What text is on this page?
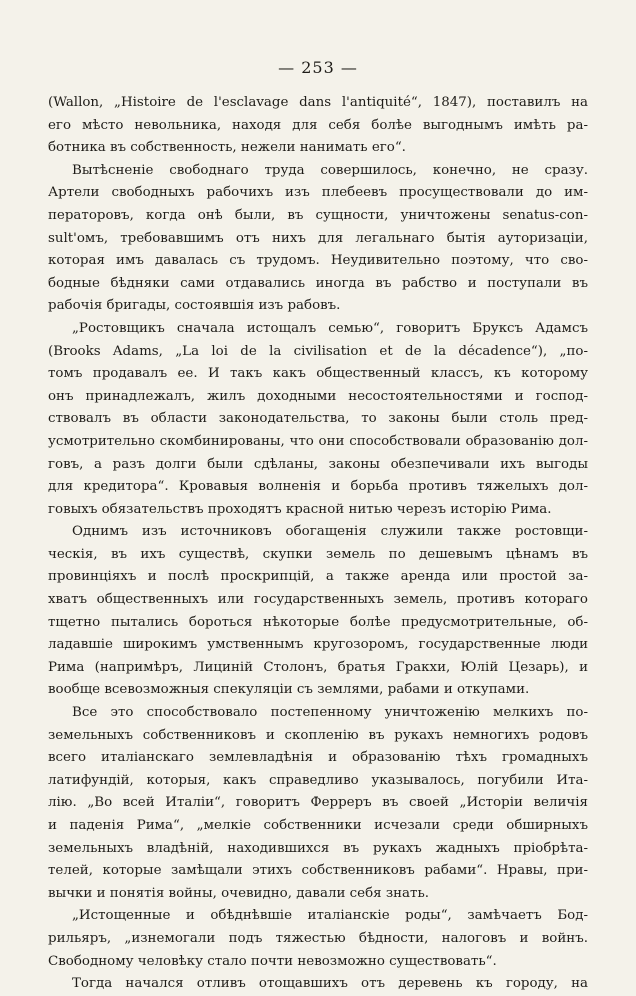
— 253 —
(Wallon, „Histoire de l'esclavage dans l'antiquité“, 1847), поставилъ на
его мѣсто невольника, находя для себя болѣе выгоднымъ имѣть ра-
ботника въ собственность, нежели нанимать его“.
Вытѣсненіе свободнаго труда совершилось, конечно, не сразу.
Артели свободныхъ рабочихъ изъ плебеевъ просуществовали до им-
ператоровъ, когда онѣ были, въ сущности, уничтожены senatus-con-
sult'омъ, требовавшимъ отъ нихъ для легальнаго бытія ауторизаціи,
которая имъ давалась съ трудомъ. Неудивительно поэтому, что сво-
бодные бѣдняки сами отдавались иногда въ рабство и поступали въ
рабочія бригады, состоявшія изъ рабовъ.
„Ростовщикъ сначала истощалъ семью“, говоритъ Бруксъ Адамсъ
(Brooks Adams, „La loi de la civilisation et de la décadence“), „по-
томъ продавалъ ее. И такъ какъ общественный классъ, къ которому
онъ принадлежалъ, жилъ доходными несостоятельностями и господ-
ствовалъ въ области законодательства, то законы были столь пред-
усмотрительно скомбинированы, что они способствовали образованію дол-
говъ, а разъ долги были сдѣланы, законы обезпечивали ихъ выгоды
для кредитора“. Кровавыя волненія и борьба противъ тяжелыхъ дол-
говыхъ обязательствъ проходятъ красной нитью черезъ исторію Рима.
Однимъ изъ источниковъ обогащенія служили также ростовщи-
ческія, въ ихъ существѣ, скупки земель по дешевымъ цѣнамъ въ
провинціяхъ и послѣ проскрипцій, а также аренда или простой за-
хватъ общественныхъ или государственныхъ земель, противъ котораго
тщетно пытались бороться нѣкоторые болѣе предусмотрительные, об-
ладавшіе широкимъ умственнымъ кругозоромъ, государственные люди
Рима (напримѣръ, Лициній Столонъ, братья Гракхи, Юлій Цезарь), и
вообще всевозможныя спекуляціи съ землями, рабами и откупами.
Все это способствовало постепенному уничтоженію мелкихъ по-
земельныхъ собственниковъ и скопленію въ рукахъ немногихъ родовъ
всего италіанскаго землевладѣнія и образованію тѣхъ громадныхъ
латифундій, которыя, какъ справедливо указывалось, погубили Ита-
лію. „Во всей Италіи“, говоритъ Ферреръ въ своей „Исторіи величія
и паденія Рима“, „мелкіе собственники исчезали среди обширныхъ
земельныхъ владѣній, находившихся въ рукахъ жадныхъ пріобрѣта-
телей, которые замѣщали этихъ собственниковъ рабами“. Нравы, при-
вычки и понятія войны, очевидно, давали себя знать.
„Истощенные и обѣднѣвшіе италіанскіе роды“, замѣчаетъ Бод-
рильяръ, „изнемогали подъ тяжестью бѣдности, налоговъ и войнъ.
Свободному человѣку стало почти невозможно существовать“.
Тогда начался отливъ отощавшихъ отъ деревень къ городу, на
